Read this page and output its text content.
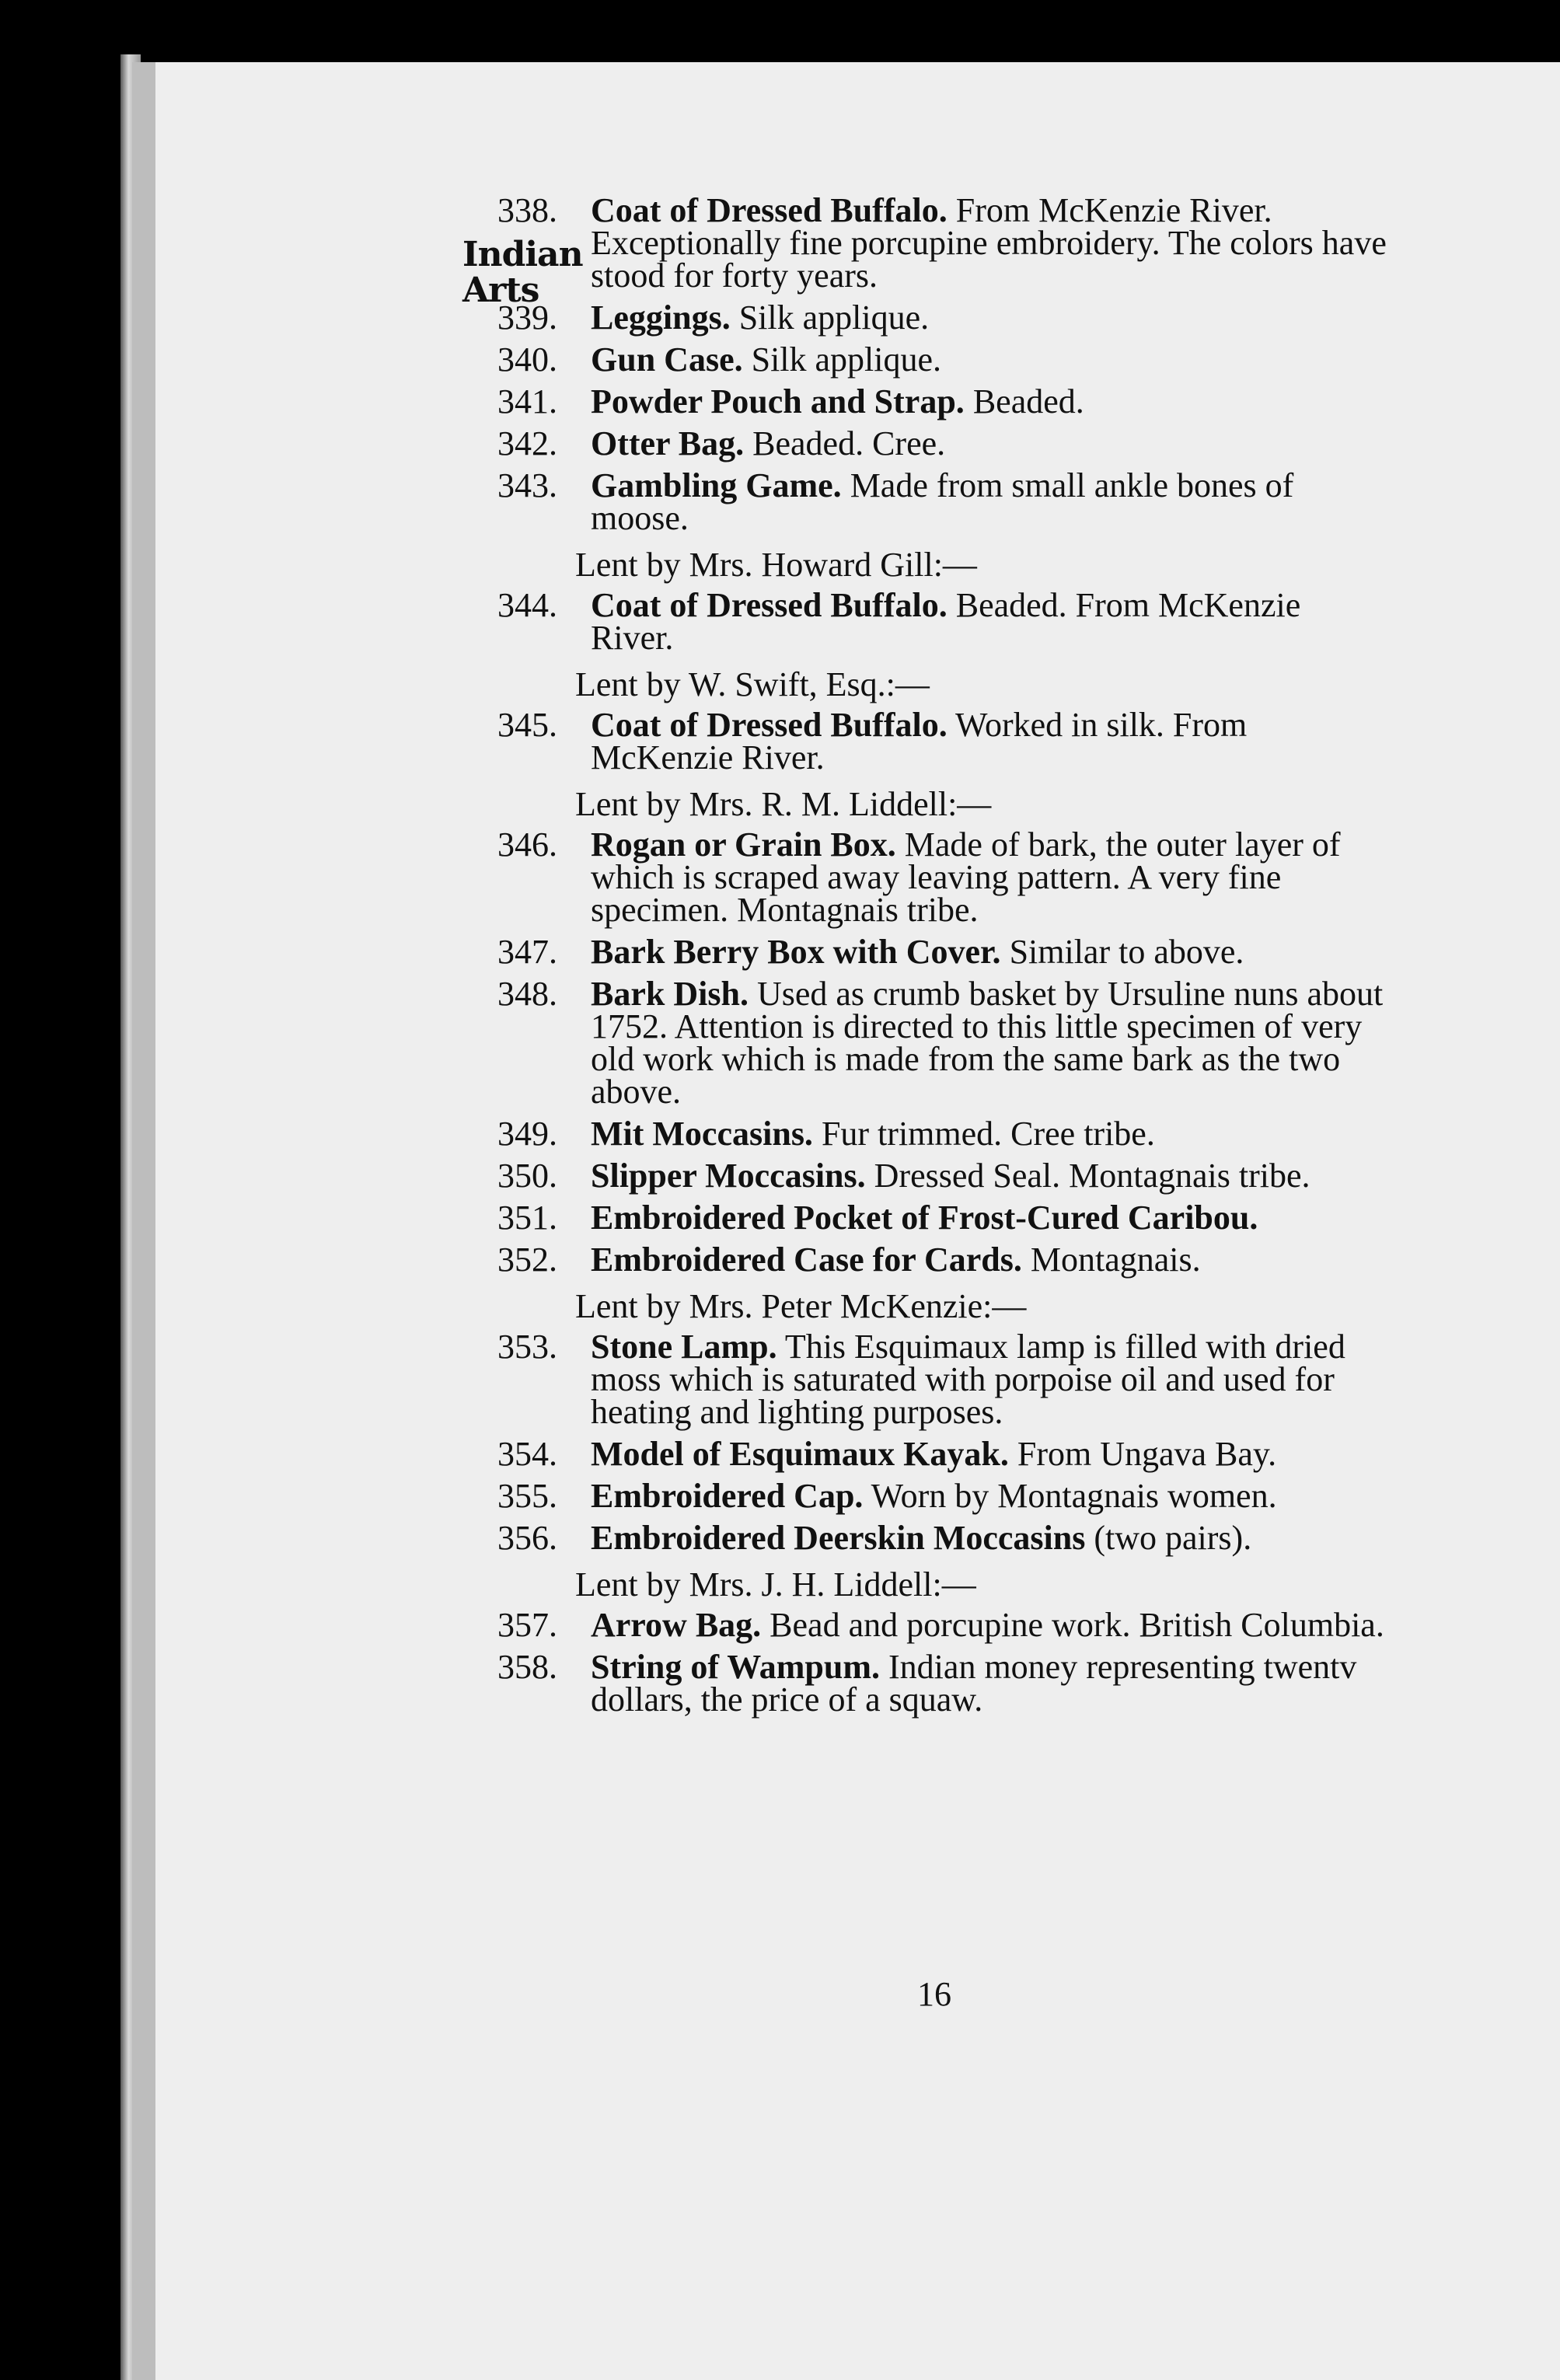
Indian
Arts
338. Coat of Dressed Buffalo. From McKenzie River. Exceptionally fine porcupine embroidery. The colors have stood for forty years.
339. Leggings. Silk applique.
340. Gun Case. Silk applique.
341. Powder Pouch and Strap. Beaded.
342. Otter Bag. Beaded. Cree.
343. Gambling Game. Made from small ankle bones of moose.
Lent by Mrs. Howard Gill:—
344. Coat of Dressed Buffalo. Beaded. From McKenzie River.
Lent by W. Swift, Esq.:—
345. Coat of Dressed Buffalo. Worked in silk. From McKenzie River.
Lent by Mrs. R. M. Liddell:—
346. Rogan or Grain Box. Made of bark, the outer layer of which is scraped away leaving pattern. A very fine specimen. Montagnais tribe.
347. Bark Berry Box with Cover. Similar to above.
348. Bark Dish. Used as crumb basket by Ursuline nuns about 1752. Attention is directed to this little specimen of very old work which is made from the same bark as the two above.
349. Mit Moccasins. Fur trimmed. Cree tribe.
350. Slipper Moccasins. Dressed Seal. Montagnais tribe.
351. Embroidered Pocket of Frost-Cured Caribou.
352. Embroidered Case for Cards. Montagnais.
Lent by Mrs. Peter McKenzie:—
353. Stone Lamp. This Esquimaux lamp is filled with dried moss which is saturated with porpoise oil and used for heating and lighting purposes.
354. Model of Esquimaux Kayak. From Ungava Bay.
355. Embroidered Cap. Worn by Montagnais women.
356. Embroidered Deerskin Moccasins (two pairs).
Lent by Mrs. J. H. Liddell:—
357. Arrow Bag. Bead and porcupine work. British Columbia.
358. String of Wampum. Indian money representing twentv dollars, the price of a squaw.
16
